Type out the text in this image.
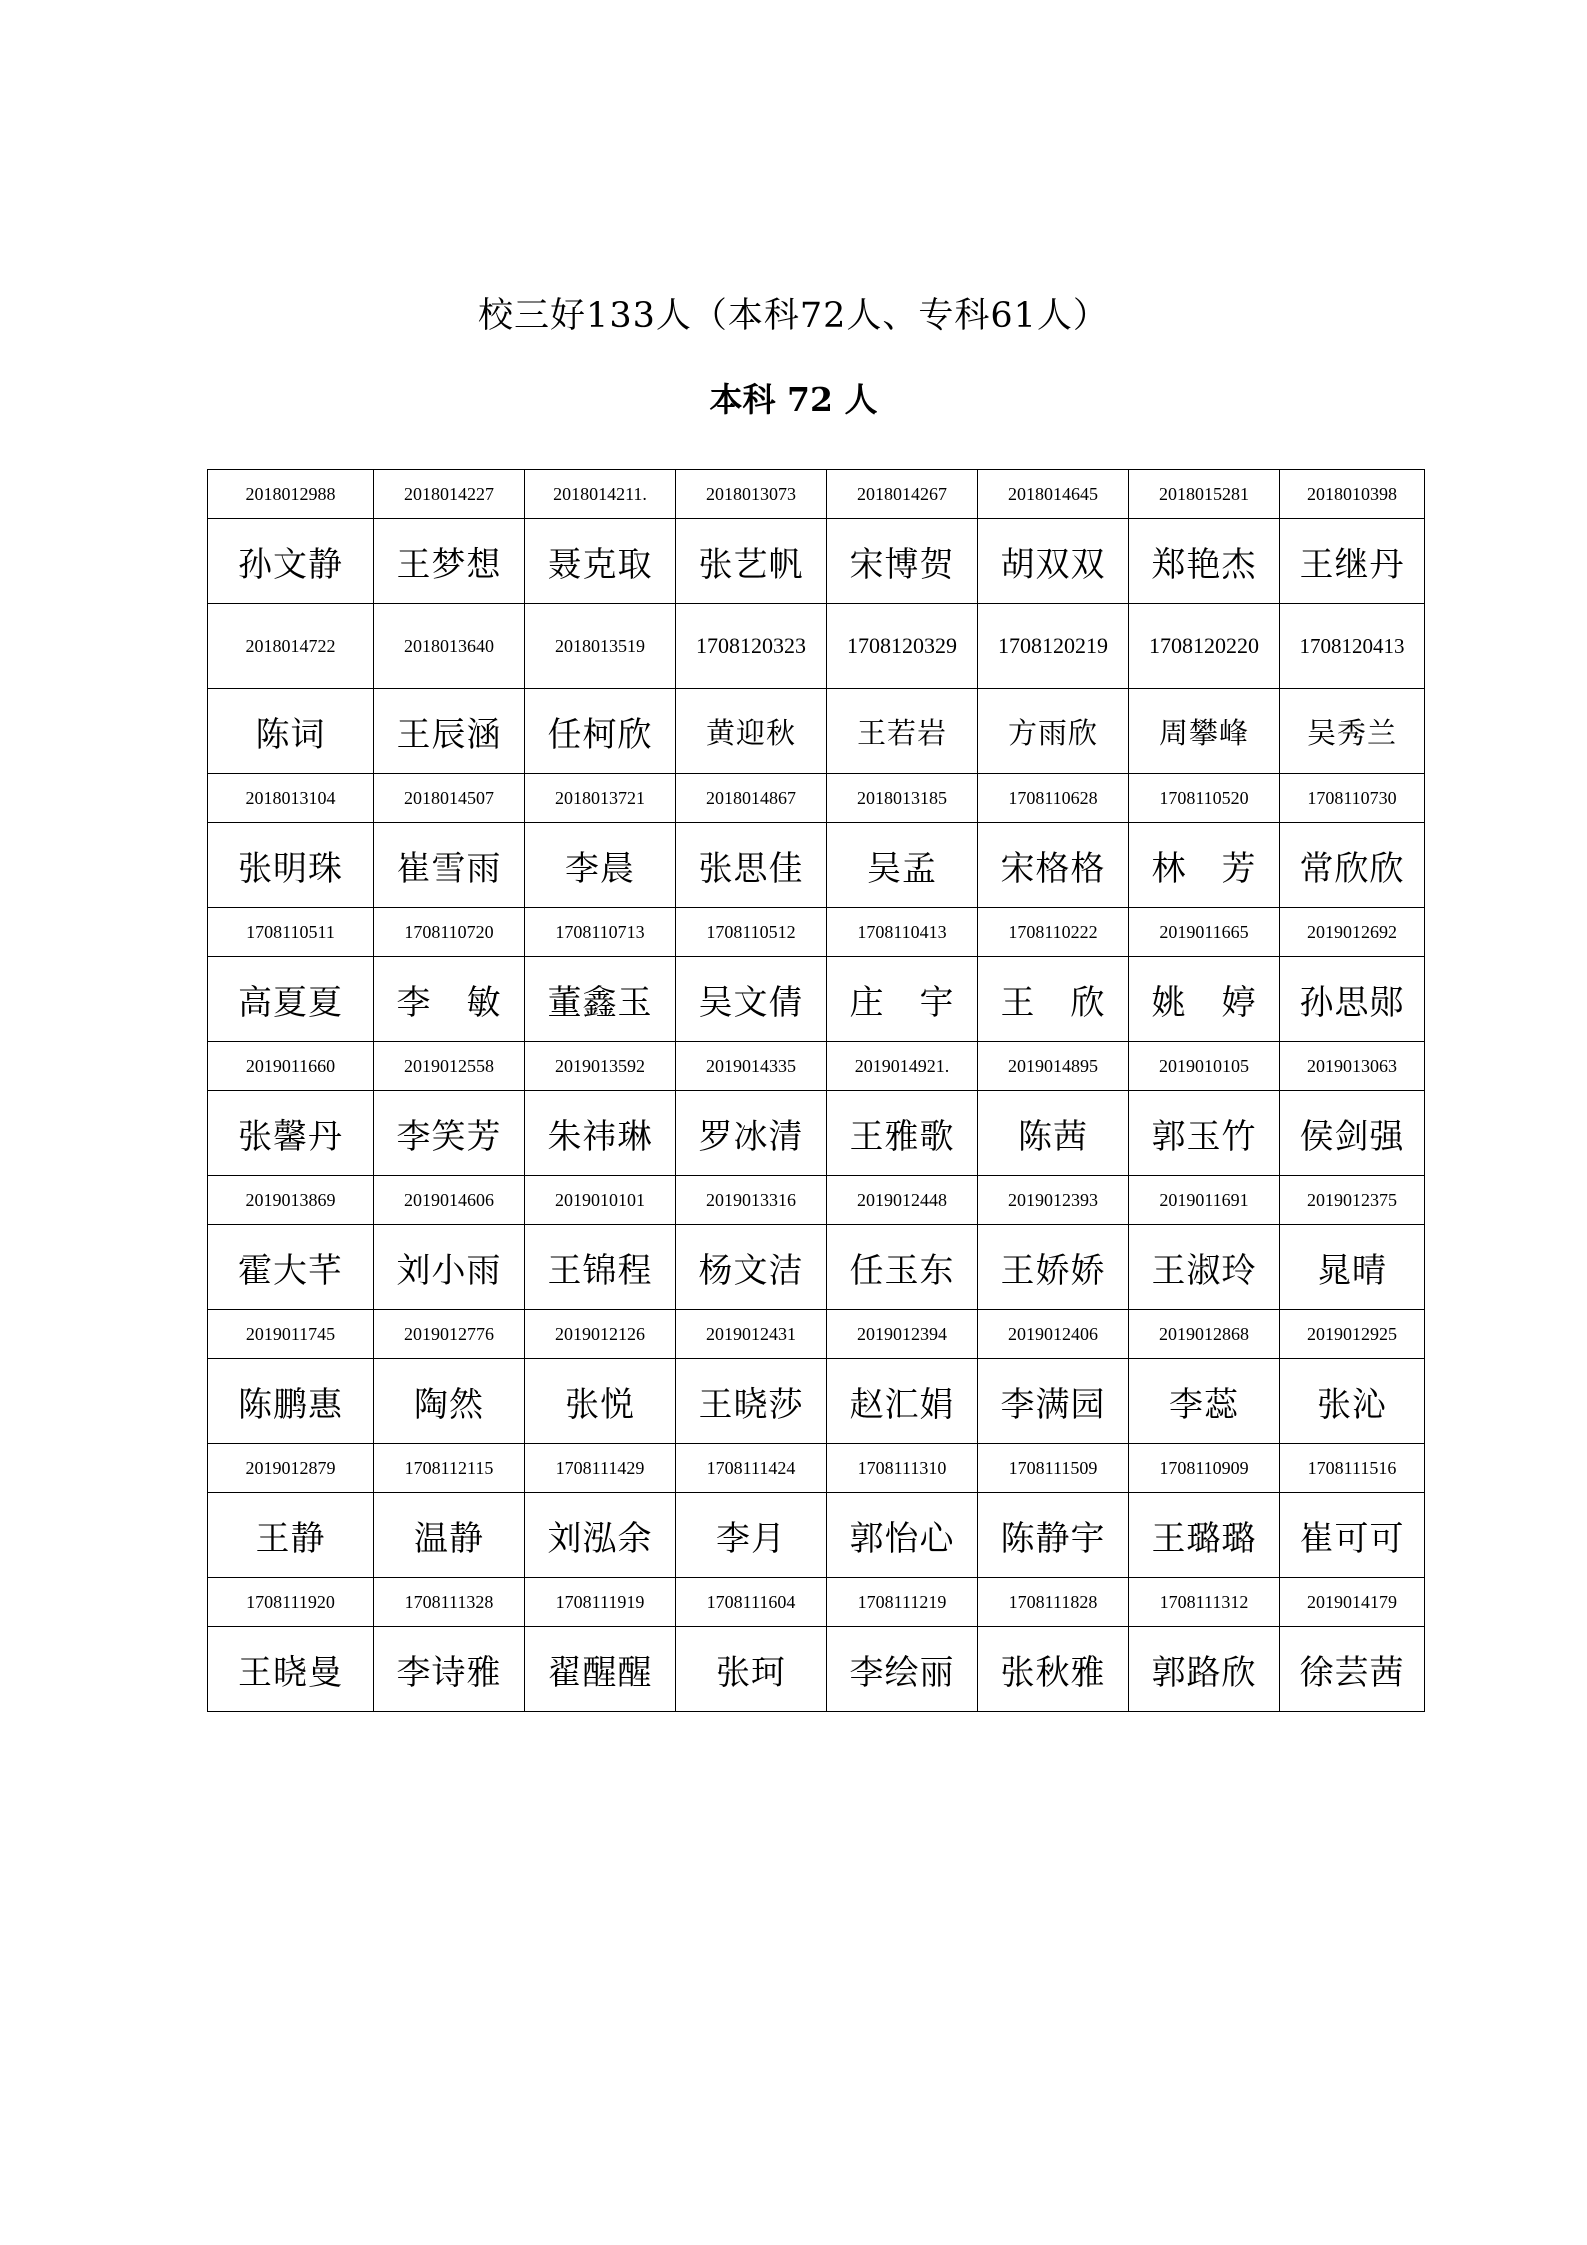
校三好133人（本科72人、专科61人）
本科 72 人
2018012988	2018014227	2018014211.	2018013073	2018014267	2018014645	2018015281	2018010398
孙文静	王梦想	聂克取	张艺帆	宋博贺	胡双双	郑艳杰	王继丹
2018014722	2018013640	2018013519	1708120323	1708120329	1708120219	1708120220	1708120413
陈词	王辰涵	任柯欣	黄迎秋	王若岩	方雨欣	周攀峰	吴秀兰
2018013104	2018014507	2018013721	2018014867	2018013185	1708110628	1708110520	1708110730
张明珠	崔雪雨	李晨	张思佳	吴孟	宋格格	林　芳	常欣欣
1708110511	1708110720	1708110713	1708110512	1708110413	1708110222	2019011665	2019012692
高夏夏	李　敏	董鑫玉	吴文倩	庄　宇	王　欣	姚　婷	孙思郧
2019011660	2019012558	2019013592	2019014335	2019014921.	2019014895	2019010105	2019013063
张馨丹	李笑芳	朱祎琳	罗冰清	王雅歌	陈茜	郭玉竹	侯剑强
2019013869	2019014606	2019010101	2019013316	2019012448	2019012393	2019011691	2019012375
霍大芊	刘小雨	王锦程	杨文洁	任玉东	王娇娇	王淑玲	晁晴
2019011745	2019012776	2019012126	2019012431	2019012394	2019012406	2019012868	2019012925
陈鹏惠	陶然	张悦	王晓莎	赵汇娟	李满园	李蕊	张沁
2019012879	1708112115	1708111429	1708111424	1708111310	1708111509	1708110909	1708111516
王静	温静	刘泓余	李月	郭怡心	陈静宇	王璐璐	崔可可
1708111920	1708111328	1708111919	1708111604	1708111219	1708111828	1708111312	2019014179
王晓曼	李诗雅	翟醒醒	张珂	李绘丽	张秋雅	郭路欣	徐芸茜
